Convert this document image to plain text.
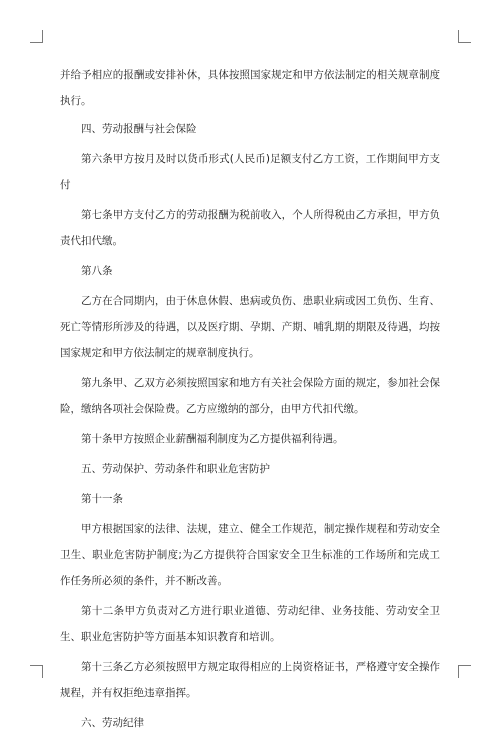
并给予相应的报酬或安排补休，具体按照国家规定和甲方依法制定的相关规章制度执行。

四、劳动报酬与社会保险

第六条甲方按月及时以货币形式(人民币)足额支付乙方工资，工作期间甲方支付

第七条甲方支付乙方的劳动报酬为税前收入，个人所得税由乙方承担，甲方负责代扣代缴。

第八条

乙方在合同期内，由于休息休假、患病或负伤、患职业病或因工负伤、生育、死亡等情形所涉及的待遇，以及医疗期、孕期、产期、哺乳期的期限及待遇，均按国家规定和甲方依法制定的规章制度执行。

第九条甲、乙双方必须按照国家和地方有关社会保险方面的规定，参加社会保险，缴纳各项社会保险费。乙方应缴纳的部分，由甲方代扣代缴。

第十条甲方按照企业薪酬福利制度为乙方提供福利待遇。

五、劳动保护、劳动条件和职业危害防护

第十一条

甲方根据国家的法律、法规，建立、健全工作规范，制定操作规程和劳动安全卫生、职业危害防护制度;为乙方提供符合国家安全卫生标准的工作场所和完成工作任务所必须的条件，并不断改善。

第十二条甲方负责对乙方进行职业道德、劳动纪律、业务技能、劳动安全卫生、职业危害防护等方面基本知识教育和培训。

第十三条乙方必须按照甲方规定取得相应的上岗资格证书，严格遵守安全操作规程，并有权拒绝违章指挥。

六、劳动纪律
